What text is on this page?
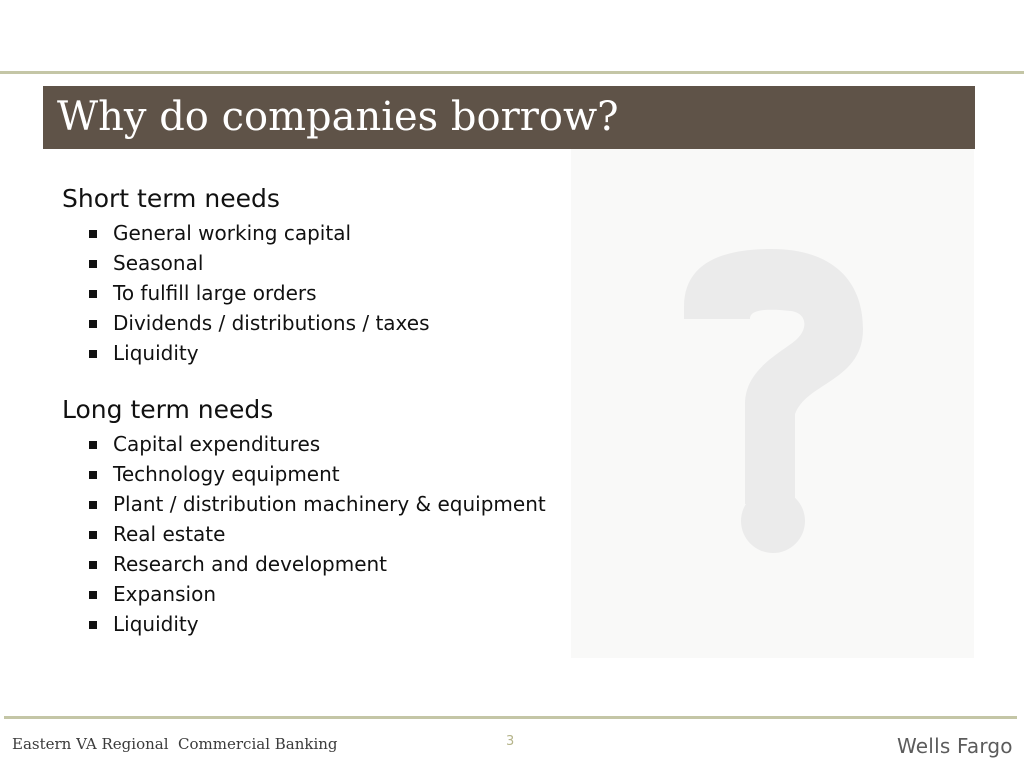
Why do companies borrow?
Short term needs
General working capital
Seasonal
To fulfill large orders
Dividends / distributions / taxes
Liquidity
Long term needs
Capital expenditures
Technology equipment
Plant / distribution machinery & equipment
Real estate
Research and development
Expansion
Liquidity
Eastern VA Regional  Commercial Banking	3	Wells Fargo
